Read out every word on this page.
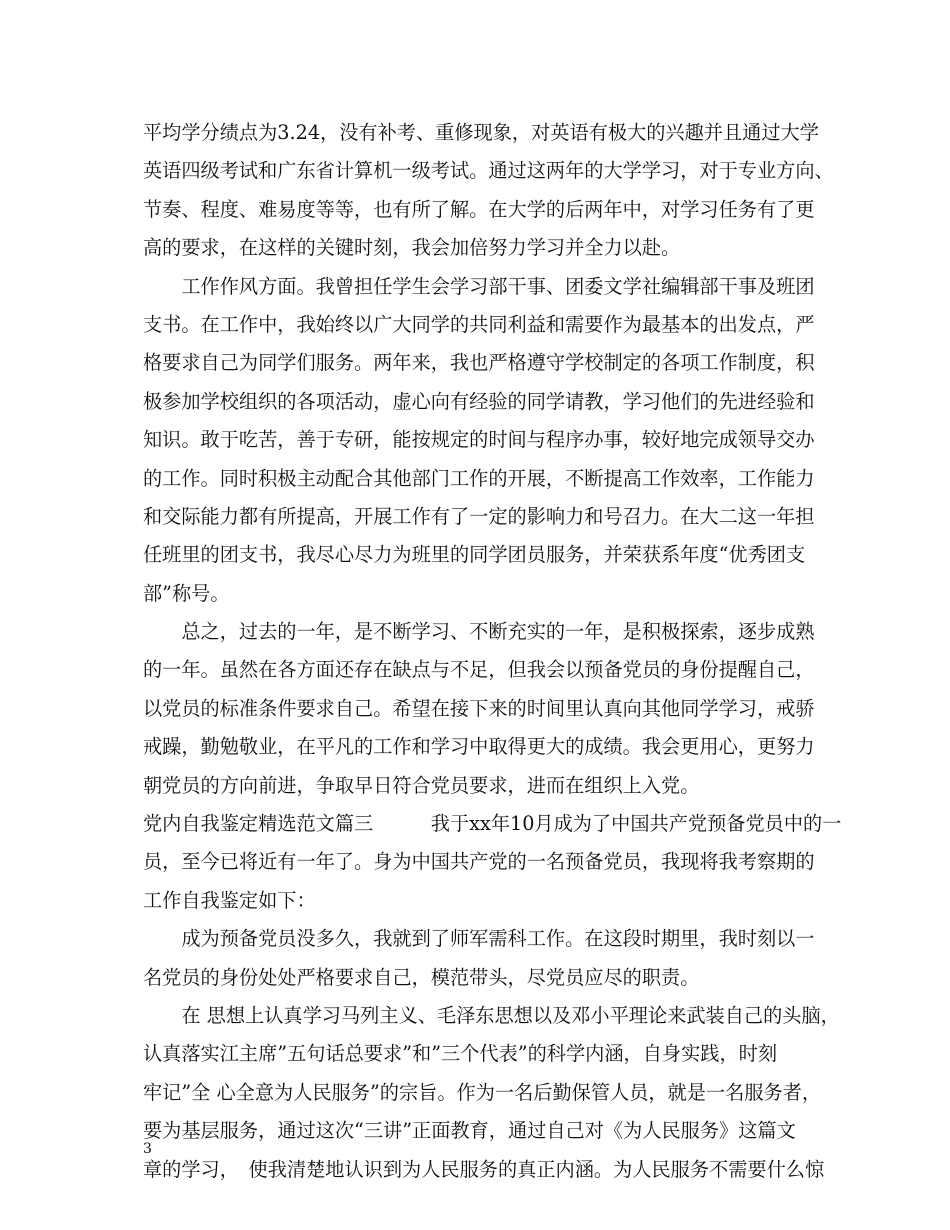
平均学分绩点为3.24，没有补考、重修现象，对英语有极大的兴趣并且通过大学
英语四级考试和广东省计算机一级考试。通过这两年的大学学习，对于专业方向、
节奏、程度、难易度等等，也有所了解。在大学的后两年中，对学习任务有了更
高的要求，在这样的关键时刻，我会加倍努力学习并全力以赴。
　　工作作风方面。我曾担任学生会学习部干事、团委文学社编辑部干事及班团
支书。在工作中，我始终以广大同学的共同利益和需要作为最基本的出发点，严
格要求自己为同学们服务。两年来，我也严格遵守学校制定的各项工作制度，积
极参加学校组织的各项活动，虚心向有经验的同学请教，学习他们的先进经验和
知识。敢于吃苦，善于专研，能按规定的时间与程序办事，较好地完成领导交办
的工作。同时积极主动配合其他部门工作的开展，不断提高工作效率，工作能力
和交际能力都有所提高，开展工作有了一定的影响力和号召力。在大二这一年担
任班里的团支书，我尽心尽力为班里的同学团员服务，并荣获系年度“优秀团支
部”称号。
　　总之，过去的一年，是不断学习、不断充实的一年，是积极探索，逐步成熟
的一年。虽然在各方面还存在缺点与不足，但我会以预备党员的身份提醒自己，
以党员的标准条件要求自己。希望在接下来的时间里认真向其他同学学习，戒骄
戒躁，勤勉敬业，在平凡的工作和学习中取得更大的成绩。我会更用心，更努力
朝党员的方向前进，争取早日符合党员要求，进而在组织上入党。
党内自我鉴定精选范文篇三　　　我于xx年10月成为了中国共产党预备党员中的一
员，至今已将近有一年了。身为中国共产党的一名预备党员，我现将我考察期的
工作自我鉴定如下：
　　成为预备党员没多久，我就到了师军需科工作。在这段时期里，我时刻以一
名党员的身份处处严格要求自己，模范带头，尽党员应尽的职责。
　　在 思想上认真学习马列主义、毛泽东思想以及邓小平理论来武装自己的头脑，
认真落实江主席”五句话总要求”和”三个代表”的科学内涵，自身实践，时刻
牢记”全 心全意为人民服务”的宗旨。作为一名后勤保管人员，就是一名服务者，
要为基层服务，通过这次“三讲”正面教育，通过自己对《为人民服务》这篇文
章的学习，　使我清楚地认识到为人民服务的真正内涵。为人民服务不需要什么惊
3
